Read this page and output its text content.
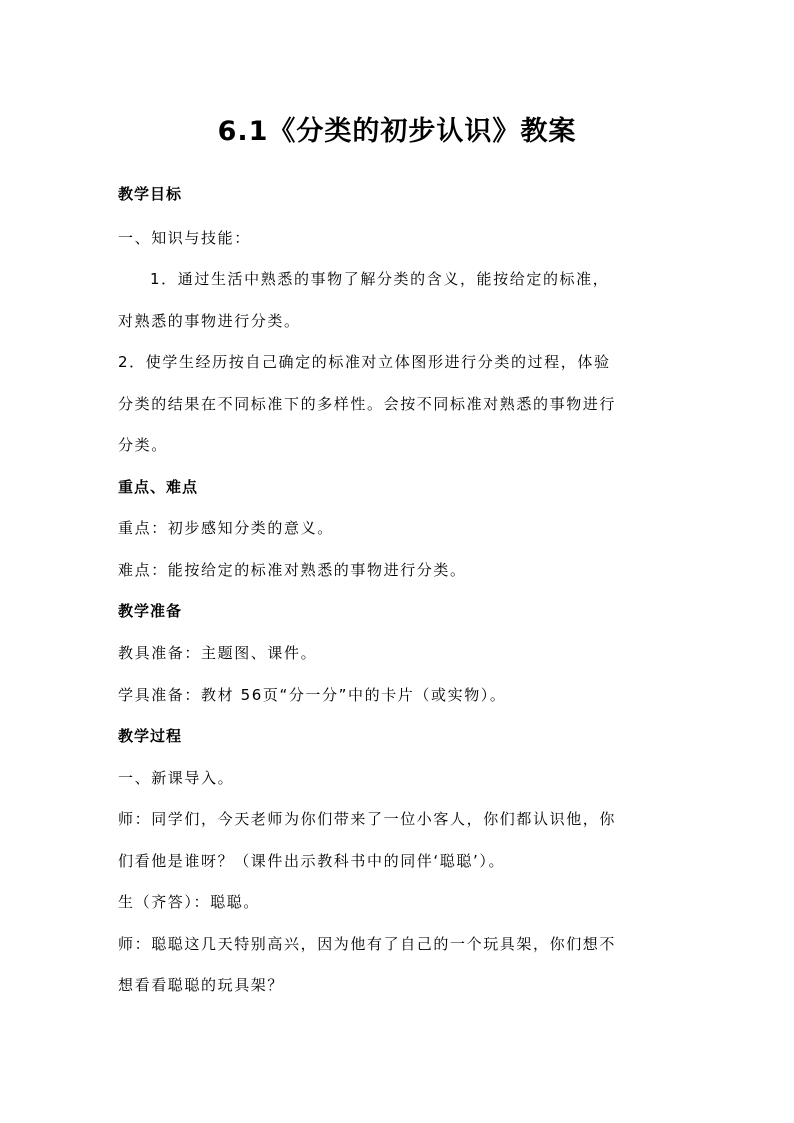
6.1《分类的初步认识》教案
教学目标
一、知识与技能：
1．通过生活中熟悉的事物了解分类的含义，能按给定的标准，
对熟悉的事物进行分类。
2．使学生经历按自己确定的标准对立体图形进行分类的过程，体验
分类的结果在不同标准下的多样性。会按不同标准对熟悉的事物进行
分类。
重点、难点
重点：初步感知分类的意义。
难点：能按给定的标准对熟悉的事物进行分类。
教学准备
教具准备：主题图、课件。
学具准备：教材 56页“分一分”中的卡片（或实物）。
教学过程
一、新课导入。
师：同学们，今天老师为你们带来了一位小客人，你们都认识他，你
们看他是谁呀？（课件出示教科书中的同伴‘聪聪’）。
生（齐答）：聪聪。
师：聪聪这几天特别高兴，因为他有了自己的一个玩具架，你们想不
想看看聪聪的玩具架？
